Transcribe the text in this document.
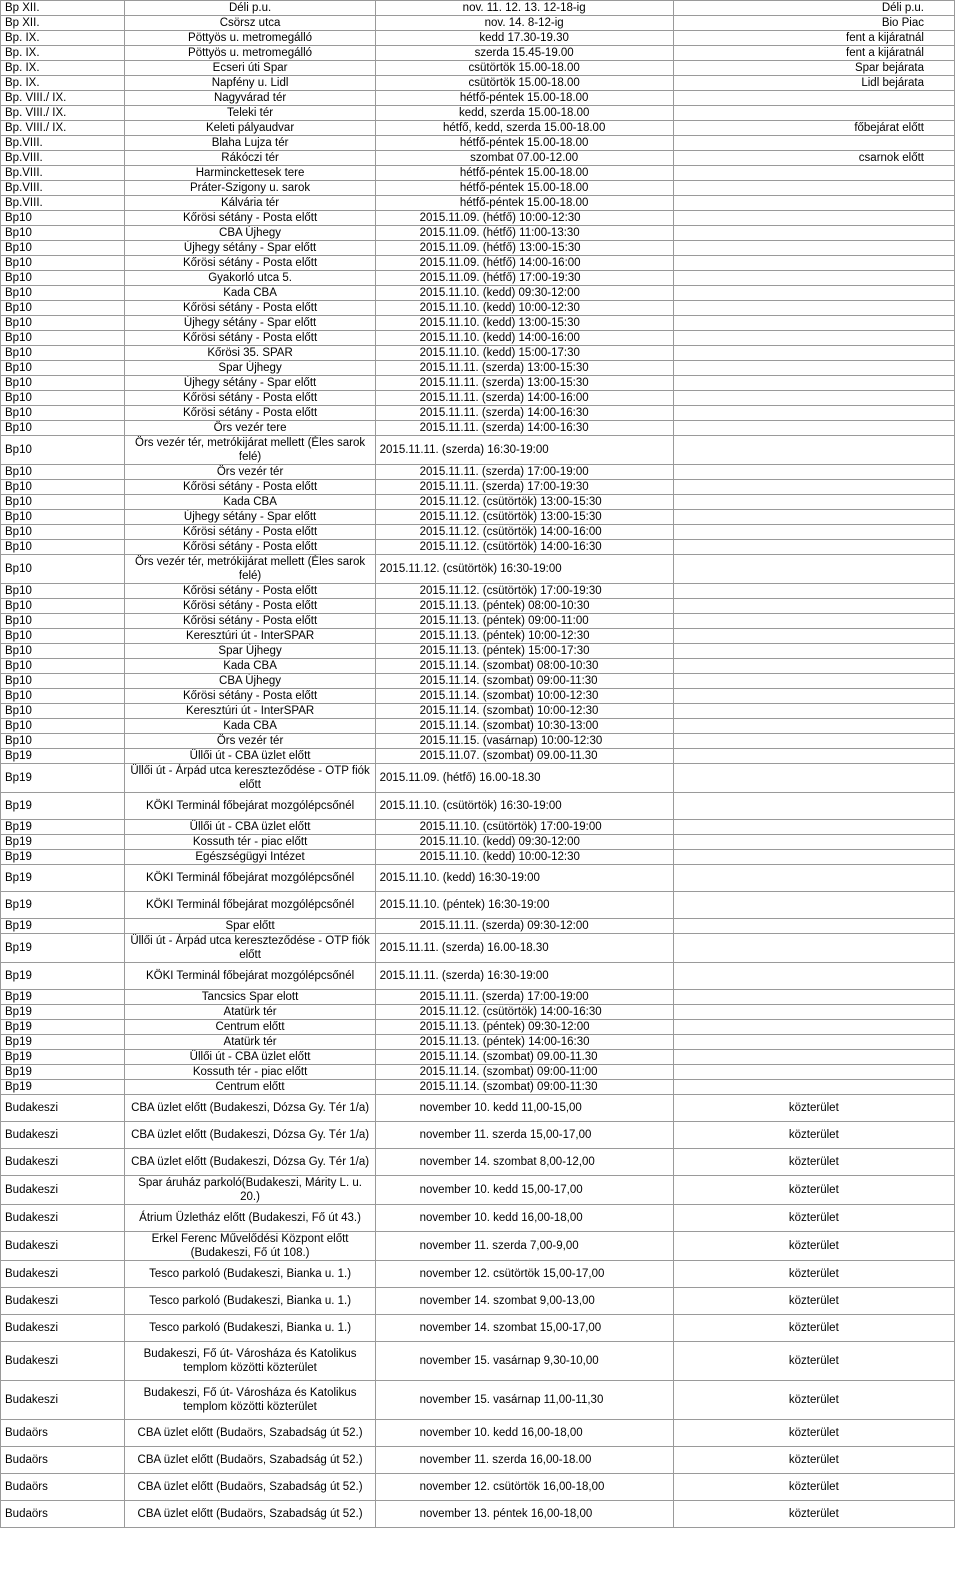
Bp XII.	Déli p.u.	nov. 11. 12. 13. 12-18-ig	Déli p.u.
Bp XII.	Csörsz utca	nov. 14. 8-12-ig	Bio Piac
Bp. IX.	Pöttyös u. metromegálló	kedd 17.30-19.30	fent a kijáratnál
Bp. IX.	Pöttyös u. metromegálló	szerda 15.45-19.00	fent a kijáratnál
Bp. IX.	Ecseri úti Spar	csütörtök 15.00-18.00	Spar bejárata
Bp. IX.	Napfény u. Lidl	csütörtök 15.00-18.00	Lidl bejárata
Bp. VIII./ IX.	Nagyvárad tér	hétfő-péntek 15.00-18.00	
Bp. VIII./ IX.	Teleki tér	kedd, szerda 15.00-18.00	
Bp. VIII./ IX.	Keleti pályaudvar	hétfő, kedd, szerda 15.00-18.00	főbejárat előtt
Bp.VIII.	Blaha Lujza tér	hétfő-péntek 15.00-18.00	
Bp.VIII.	Rákóczi tér	szombat 07.00-12.00	csarnok előtt
Bp.VIII.	Harminckettesek tere	hétfő-péntek 15.00-18.00	
Bp.VIII.	Práter-Szigony u. sarok	hétfő-péntek 15.00-18.00	
Bp.VIII.	Kálvária tér	hétfő-péntek 15.00-18.00	
Bp10	Kőrösi sétány - Posta előtt	2015.11.09. (hétfő) 10:00-12:30	
Bp10	CBA Újhegy	2015.11.09. (hétfő) 11:00-13:30	
Bp10	Újhegy sétány - Spar előtt	2015.11.09. (hétfő) 13:00-15:30	
Bp10	Kőrösi sétány - Posta előtt	2015.11.09. (hétfő) 14:00-16:00	
Bp10	Gyakorló utca 5.	2015.11.09. (hétfő) 17:00-19:30	
Bp10	Kada CBA	2015.11.10. (kedd) 09:30-12:00	
Bp10	Kőrösi sétány - Posta előtt	2015.11.10. (kedd) 10:00-12:30	
Bp10	Újhegy sétány - Spar előtt	2015.11.10. (kedd) 13:00-15:30	
Bp10	Kőrösi sétány - Posta előtt	2015.11.10. (kedd) 14:00-16:00	
Bp10	Kőrösi 35. SPAR	2015.11.10. (kedd) 15:00-17:30	
Bp10	Spar Újhegy	2015.11.11. (szerda) 13:00-15:30	
Bp10	Újhegy sétány - Spar előtt	2015.11.11. (szerda) 13:00-15:30	
Bp10	Kőrösi sétány - Posta előtt	2015.11.11. (szerda) 14:00-16:00	
Bp10	Kőrösi sétány - Posta előtt	2015.11.11. (szerda) 14:00-16:30	
Bp10	Örs vezér tere	2015.11.11. (szerda) 14:00-16:30	
Bp10	Örs vezér tér, metrókijárat mellett (Éles sarok felé)	2015.11.11. (szerda) 16:30-19:00	
Bp10	Örs vezér tér	2015.11.11. (szerda) 17:00-19:00	
Bp10	Kőrösi sétány - Posta előtt	2015.11.11. (szerda) 17:00-19:30	
Bp10	Kada CBA	2015.11.12. (csütörtök) 13:00-15:30	
Bp10	Újhegy sétány - Spar előtt	2015.11.12. (csütörtök) 13:00-15:30	
Bp10	Kőrösi sétány - Posta előtt	2015.11.12. (csütörtök) 14:00-16:00	
Bp10	Kőrösi sétány - Posta előtt	2015.11.12. (csütörtök) 14:00-16:30	
Bp10	Örs vezér tér, metrókijárat mellett (Éles sarok felé)	2015.11.12. (csütörtök) 16:30-19:00	
Bp10	Kőrösi sétány - Posta előtt	2015.11.12. (csütörtök) 17:00-19:30	
Bp10	Kőrösi sétány - Posta előtt	2015.11.13. (péntek) 08:00-10:30	
Bp10	Kőrösi sétány - Posta előtt	2015.11.13. (péntek) 09:00-11:00	
Bp10	Keresztúri út - InterSPAR	2015.11.13. (péntek) 10:00-12:30	
Bp10	Spar Újhegy	2015.11.13. (péntek) 15:00-17:30	
Bp10	Kada CBA	2015.11.14. (szombat) 08:00-10:30	
Bp10	CBA Újhegy	2015.11.14. (szombat) 09:00-11:30	
Bp10	Kőrösi sétány - Posta előtt	2015.11.14. (szombat) 10:00-12:30	
Bp10	Keresztúri út - InterSPAR	2015.11.14. (szombat) 10:00-12:30	
Bp10	Kada CBA	2015.11.14. (szombat) 10:30-13:00	
Bp10	Örs vezér tér	2015.11.15. (vasárnap) 10:00-12:30	
Bp19	Üllői út - CBA üzlet előtt	2015.11.07. (szombat) 09.00-11.30	
Bp19	Üllői út - Árpád utca kereszteződése - OTP fiók előtt	2015.11.09. (hétfő) 16.00-18.30	
Bp19	KÖKI Terminál főbejárat mozgólépcsőnél	2015.11.10. (csütörtök) 16:30-19:00	
Bp19	Üllői út - CBA üzlet előtt	2015.11.10. (csütörtök) 17:00-19:00	
Bp19	Kossuth tér - piac előtt	2015.11.10. (kedd) 09:30-12:00	
Bp19	Egészségügyi Intézet	2015.11.10. (kedd) 10:00-12:30	
Bp19	KÖKI Terminál főbejárat mozgólépcsőnél	2015.11.10. (kedd) 16:30-19:00	
Bp19	KÖKI Terminál főbejárat mozgólépcsőnél	2015.11.10. (péntek) 16:30-19:00	
Bp19	Spar előtt	2015.11.11. (szerda) 09:30-12:00	
Bp19	Üllői út - Árpád utca kereszteződése - OTP fiók előtt	2015.11.11. (szerda) 16.00-18.30	
Bp19	KÖKI Terminál főbejárat mozgólépcsőnél	2015.11.11. (szerda) 16:30-19:00	
Bp19	Tancsics Spar elott	2015.11.11. (szerda) 17:00-19:00	
Bp19	Atatürk tér	2015.11.12. (csütörtök) 14:00-16:30	
Bp19	Centrum előtt	2015.11.13. (péntek) 09:30-12:00	
Bp19	Atatürk tér	2015.11.13. (péntek) 14:00-16:30	
Bp19	Üllői út - CBA üzlet előtt	2015.11.14. (szombat) 09.00-11.30	
Bp19	Kossuth tér - piac előtt	2015.11.14. (szombat) 09:00-11:00	
Bp19	Centrum előtt	2015.11.14. (szombat) 09:00-11:30	
Budakeszi	CBA üzlet előtt (Budakeszi, Dózsa Gy. Tér 1/a)	november 10. kedd 11,00-15,00	közterület
Budakeszi	CBA üzlet előtt (Budakeszi, Dózsa Gy. Tér 1/a)	november 11. szerda 15,00-17,00	közterület
Budakeszi	CBA üzlet előtt (Budakeszi, Dózsa Gy. Tér 1/a)	november 14. szombat 8,00-12,00	közterület
Budakeszi	Spar áruház parkoló(Budakeszi, Márity L. u. 20.)	november 10. kedd 15,00-17,00	közterület
Budakeszi	Átrium Üzletház előtt (Budakeszi, Fő út 43.)	november 10. kedd 16,00-18,00	közterület
Budakeszi	Erkel Ferenc Művelődési Központ előtt (Budakeszi, Fő út 108.)	november 11. szerda 7,00-9,00	közterület
Budakeszi	Tesco parkoló (Budakeszi, Bianka u. 1.)	november 12. csütörtök 15,00-17,00	közterület
Budakeszi	Tesco parkoló (Budakeszi, Bianka u. 1.)	november 14. szombat 9,00-13,00	közterület
Budakeszi	Tesco parkoló (Budakeszi, Bianka u. 1.)	november 14. szombat 15,00-17,00	közterület
Budakeszi	Budakeszi, Fő út- Városháza és Katolikus templom közötti közterület	november 15. vasárnap 9,30-10,00	közterület
Budakeszi	Budakeszi, Fő út- Városháza és Katolikus templom közötti közterület	november 15. vasárnap 11,00-11,30	közterület
Budaörs	CBA üzlet előtt (Budaörs, Szabadság út 52.)	november 10. kedd 16,00-18,00	közterület
Budaörs	CBA üzlet előtt (Budaörs, Szabadság út 52.)	november 11. szerda 16,00-18.00	közterület
Budaörs	CBA üzlet előtt (Budaörs, Szabadság út 52.)	november 12. csütörtök 16,00-18,00	közterület
Budaörs	CBA üzlet előtt (Budaörs, Szabadság út 52.)	november 13. péntek 16,00-18,00	közterület
